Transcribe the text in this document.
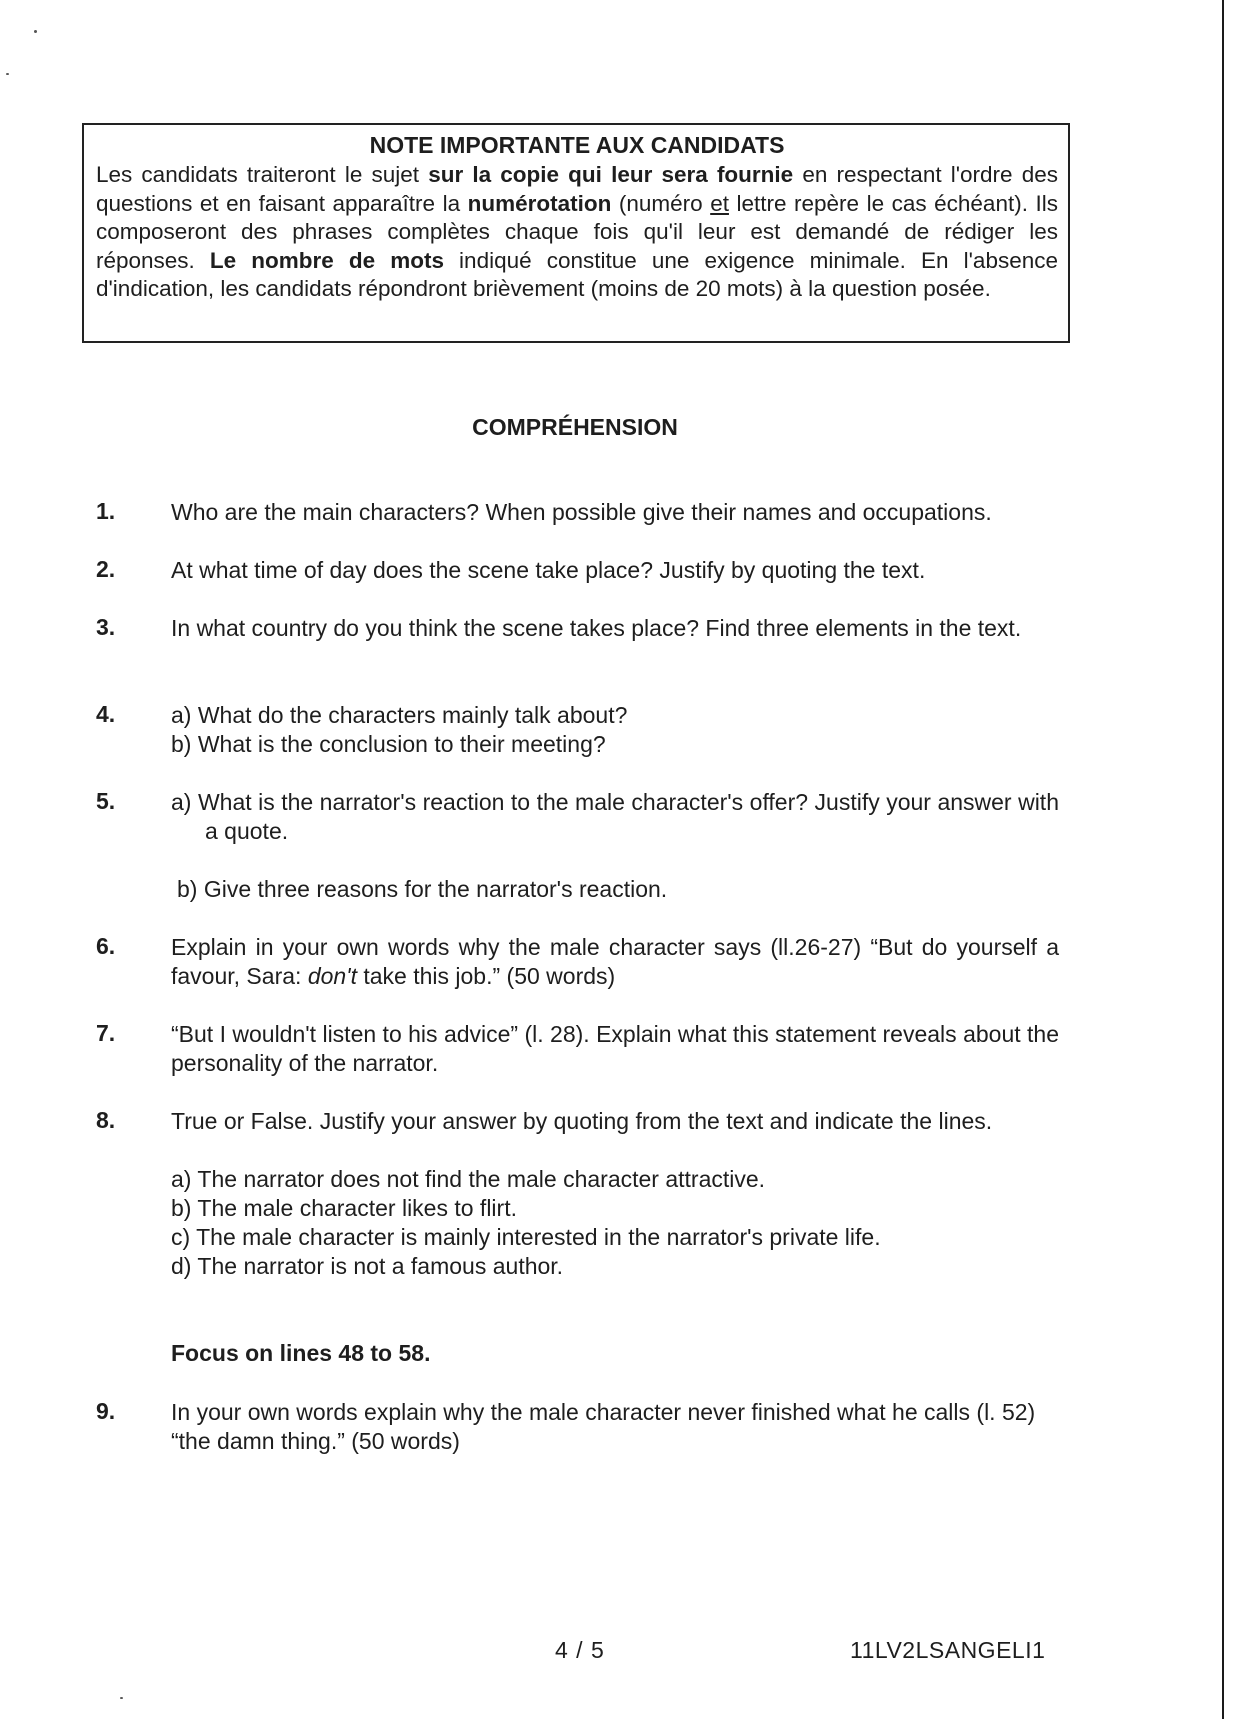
NOTE IMPORTANTE AUX CANDIDATS

Les candidats traiteront le sujet sur la copie qui leur sera fournie en respectant l'ordre des questions et en faisant apparaître la numérotation (numéro et lettre repère le cas échéant). Ils composeront des phrases complètes chaque fois qu'il leur est demandé de rédiger les réponses. Le nombre de mots indiqué constitue une exigence minimale. En l'absence d'indication, les candidats répondront brièvement (moins de 20 mots) à la question posée.

COMPRÉHENSION
1. Who are the main characters? When possible give their names and occupations.
2. At what time of day does the scene take place? Justify by quoting the text.
3. In what country do you think the scene takes place? Find three elements in the text.
4. a) What do the characters mainly talk about?
b) What is the conclusion to their meeting?
5. a) What is the narrator's reaction to the male character's offer? Justify your answer with a quote.
b) Give three reasons for the narrator's reaction.
6. Explain in your own words why the male character says (ll.26-27) “But do yourself a favour, Sara: don't take this job.” (50 words)
7. “But I wouldn't listen to his advice” (l. 28). Explain what this statement reveals about the personality of the narrator.
8. True or False. Justify your answer by quoting from the text and indicate the lines.
a) The narrator does not find the male character attractive.
b) The male character likes to flirt.
c) The male character is mainly interested in the narrator's private life.
d) The narrator is not a famous author.
Focus on lines 48 to 58.
9. In your own words explain why the male character never finished what he calls (l. 52) “the damn thing.” (50 words)
4 / 5	11LV2LSANGELI1
